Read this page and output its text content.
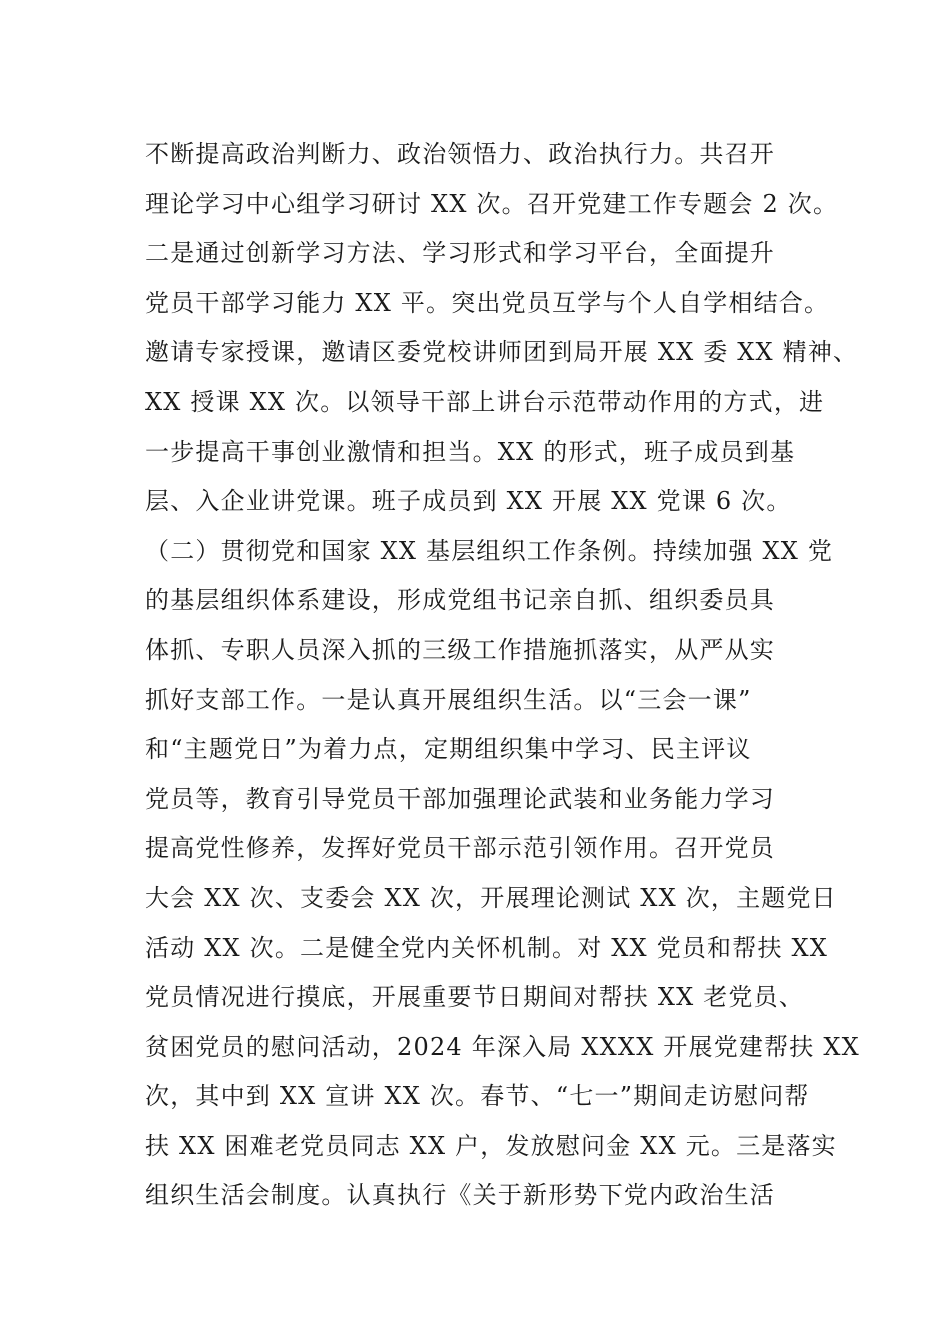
不断提高政治判断力、政治领悟力、政治执行力。共召开
理论学习中心组学习研讨 XX 次。召开党建工作专题会 2 次。
二是通过创新学习方法、学习形式和学习平台，全面提升
党员干部学习能力 XX 平。突出党员互学与个人自学相结合。
邀请专家授课，邀请区委党校讲师团到局开展 XX 委 XX 精神、
XX 授课 XX 次。以领导干部上讲台示范带动作用的方式，进
一步提高干事创业激情和担当。XX 的形式，班子成员到基
层、入企业讲党课。班子成员到 XX 开展 XX 党课 6 次。
（二）贯彻党和国家 XX 基层组织工作条例。持续加强 XX 党
的基层组织体系建设，形成党组书记亲自抓、组织委员具
体抓、专职人员深入抓的三级工作措施抓落实，从严从实
抓好支部工作。一是认真开展组织生活。以“三会一课”
和“主题党日”为着力点，定期组织集中学习、民主评议
党员等，教育引导党员干部加强理论武装和业务能力学习
提高党性修养，发挥好党员干部示范引领作用。召开党员
大会 XX 次、支委会 XX 次，开展理论测试 XX 次，主题党日
活动 XX 次。二是健全党内关怀机制。对 XX 党员和帮扶 XX
党员情况进行摸底，开展重要节日期间对帮扶 XX 老党员、
贫困党员的慰问活动，2024 年深入局 XXXX 开展党建帮扶 XX
次，其中到 XX 宣讲 XX 次。春节、“七一”期间走访慰问帮
扶 XX 困难老党员同志 XX 户，发放慰问金 XX 元。三是落实
组织生活会制度。认真执行《关于新形势下党内政治生活
